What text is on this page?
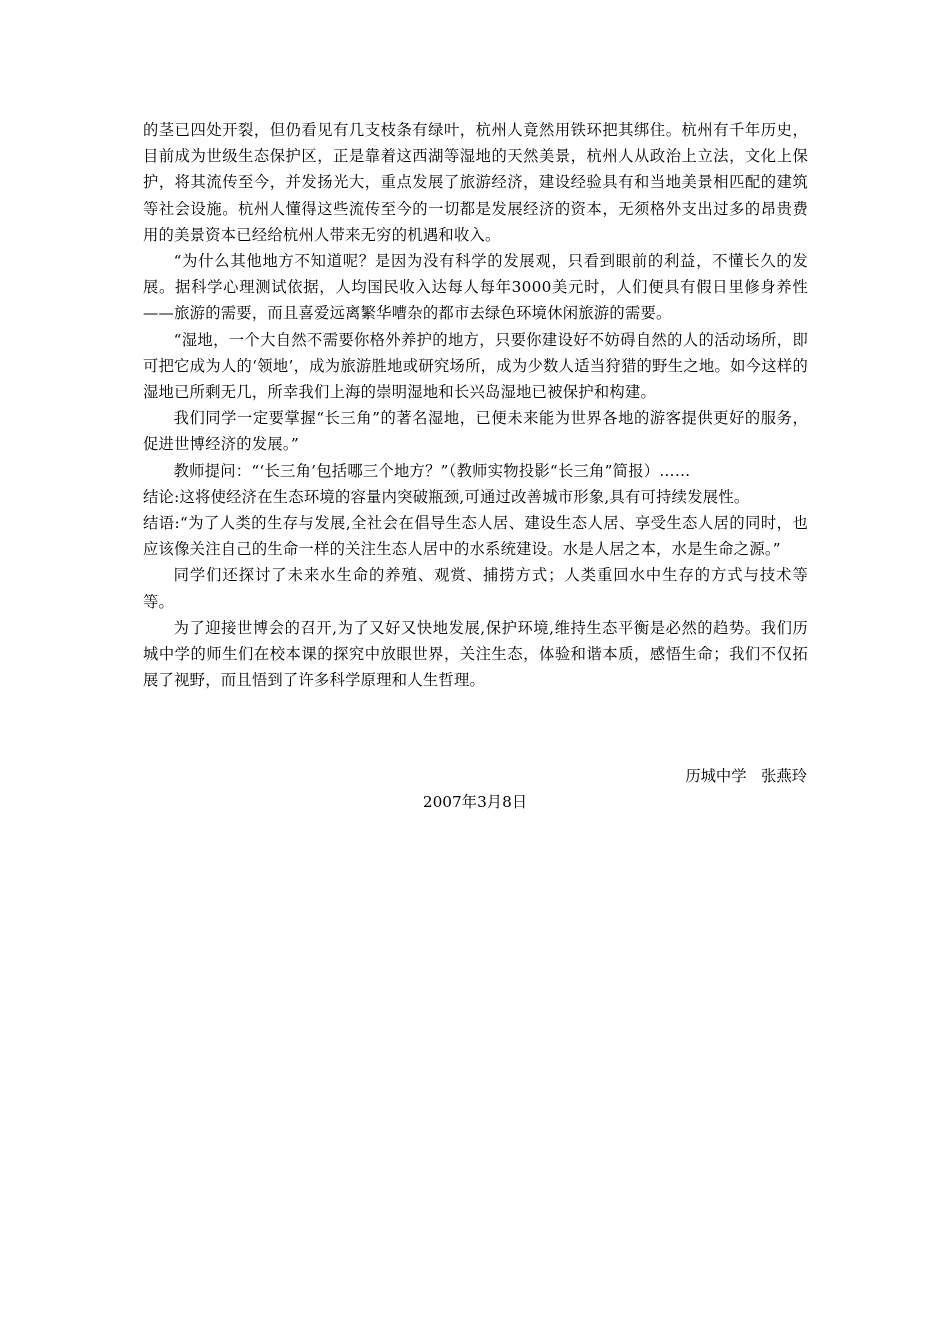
的茎已四处开裂，但仍看见有几支枝条有绿叶，杭州人竟然用铁环把其绑住。杭州有千年历史，目前成为世级生态保护区，正是靠着这西湖等湿地的天然美景，杭州人从政治上立法，文化上保护，将其流传至今，并发扬光大，重点发展了旅游经济，建设经验具有和当地美景相匹配的建筑等社会设施。杭州人懂得这些流传至今的一切都是发展经济的资本，无须格外支出过多的昂贵费用的美景资本已经给杭州人带来无穷的机遇和收入。

“为什么其他地方不知道呢？是因为没有科学的发展观，只看到眼前的利益，不懂长久的发展。据科学心理测试依据，人均国民收入达每人每年3000美元时，人们便具有假日里修身养性——旅游的需要，而且喜爱远离繁华嘈杂的都市去绿色环境休闲旅游的需要。

“湿地，一个大自然不需要你格外养护的地方，只要你建设好不妨碍自然的人的活动场所，即可把它成为人的‘领地’，成为旅游胜地或研究场所，成为少数人适当狩猎的野生之地。如今这样的湿地已所剩无几，所幸我们上海的崇明湿地和长兴岛湿地已被保护和构建。

我们同学一定要掌握“长三角”的著名湿地，已便未来能为世界各地的游客提供更好的服务，促进世博经济的发展。”

教师提问：“‘长三角’包括哪三个地方？”（教师实物投影“长三角”简报）……

结论:这将使经济在生态环境的容量内突破瓶颈,可通过改善城市形象,具有可持续发展性。

结语:“为了人类的生存与发展,全社会在倡导生态人居、建设生态人居、享受生态人居的同时，也应该像关注自己的生命一样的关注生态人居中的水系统建设。水是人居之本，水是生命之源。”

同学们还探讨了未来水生命的养殖、观赏、捕捞方式；人类重回水中生存的方式与技术等等。

为了迎接世博会的召开,为了又好又快地发展,保护环境,维持生态平衡是必然的趋势。我们历城中学的师生们在校本课的探究中放眼世界，关注生态，体验和谐本质，感悟生命；我们不仅拓展了视野，而且悟到了许多科学原理和人生哲理。

历城中学   张燕玲

2007年3月8日
